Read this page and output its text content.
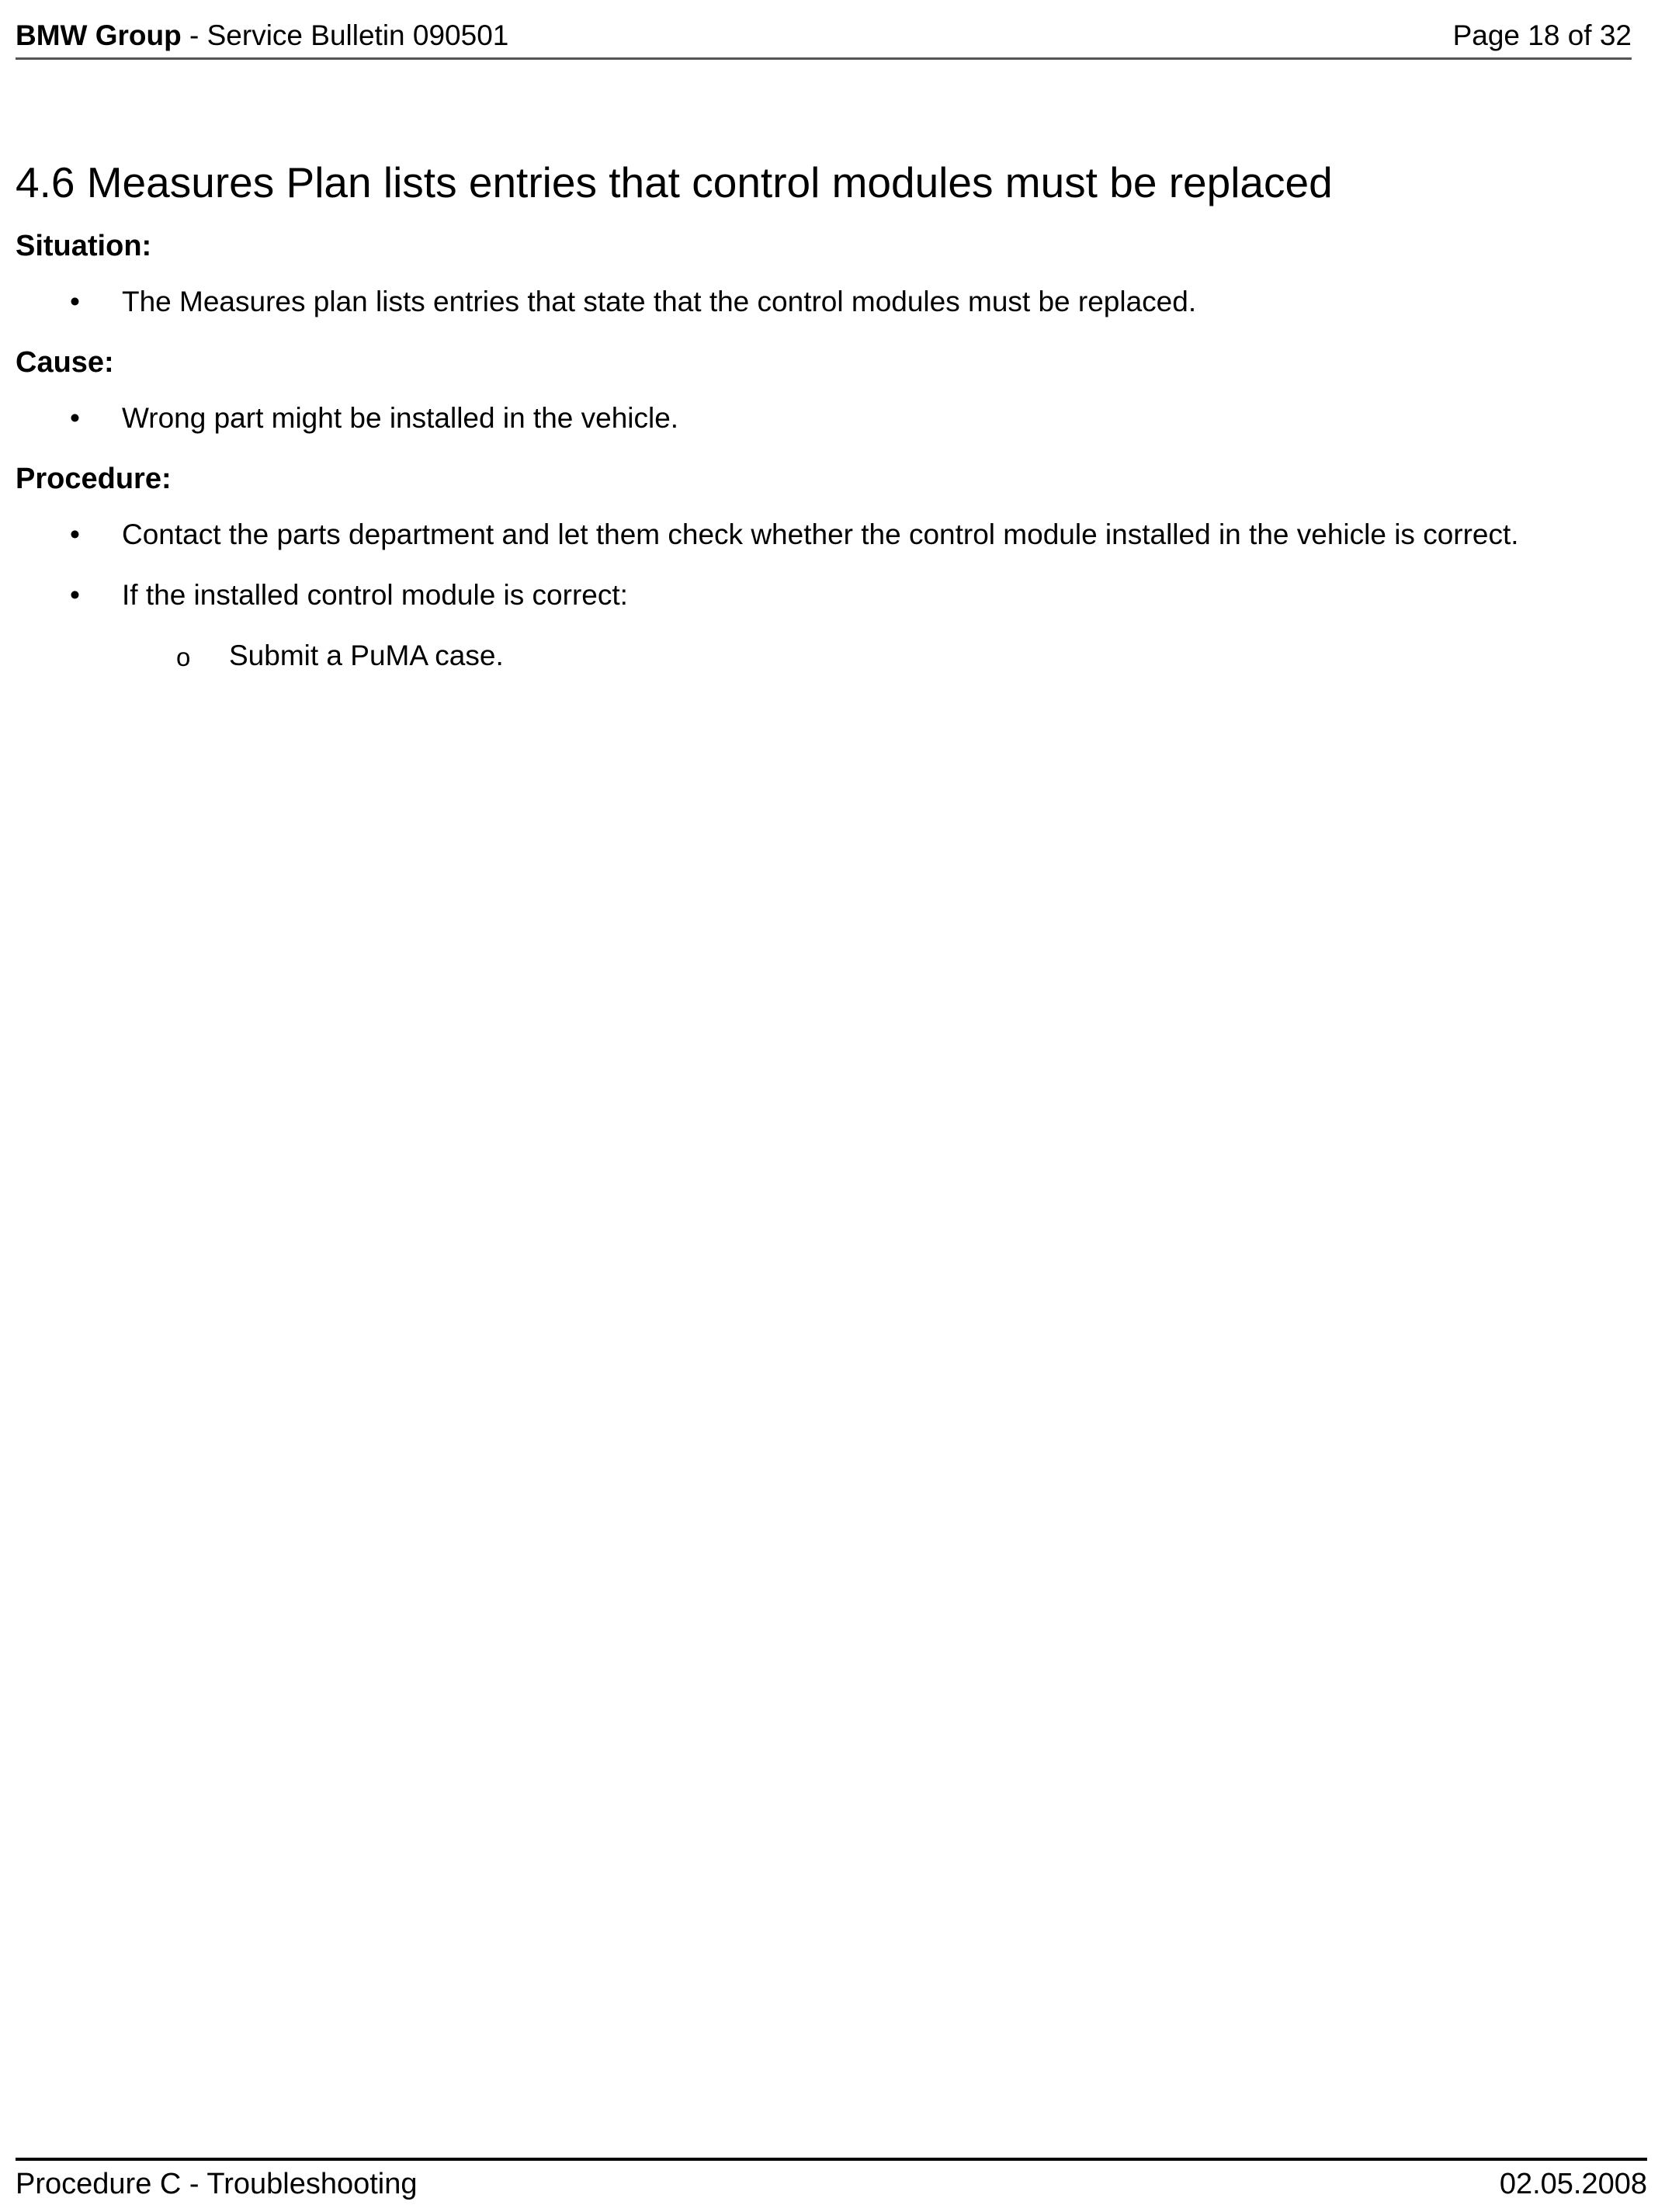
BMW Group - Service Bulletin 090501	Page 18 of 32
4.6 Measures Plan lists entries that control modules must be replaced
Situation:
• The Measures plan lists entries that state that the control modules must be replaced.
Cause:
• Wrong part might be installed in the vehicle.
Procedure:
• Contact the parts department and let them check whether the control module installed in the vehicle is correct.
• If the installed control module is correct:
o Submit a PuMA case.
Procedure C - Troubleshooting	02.05.2008
